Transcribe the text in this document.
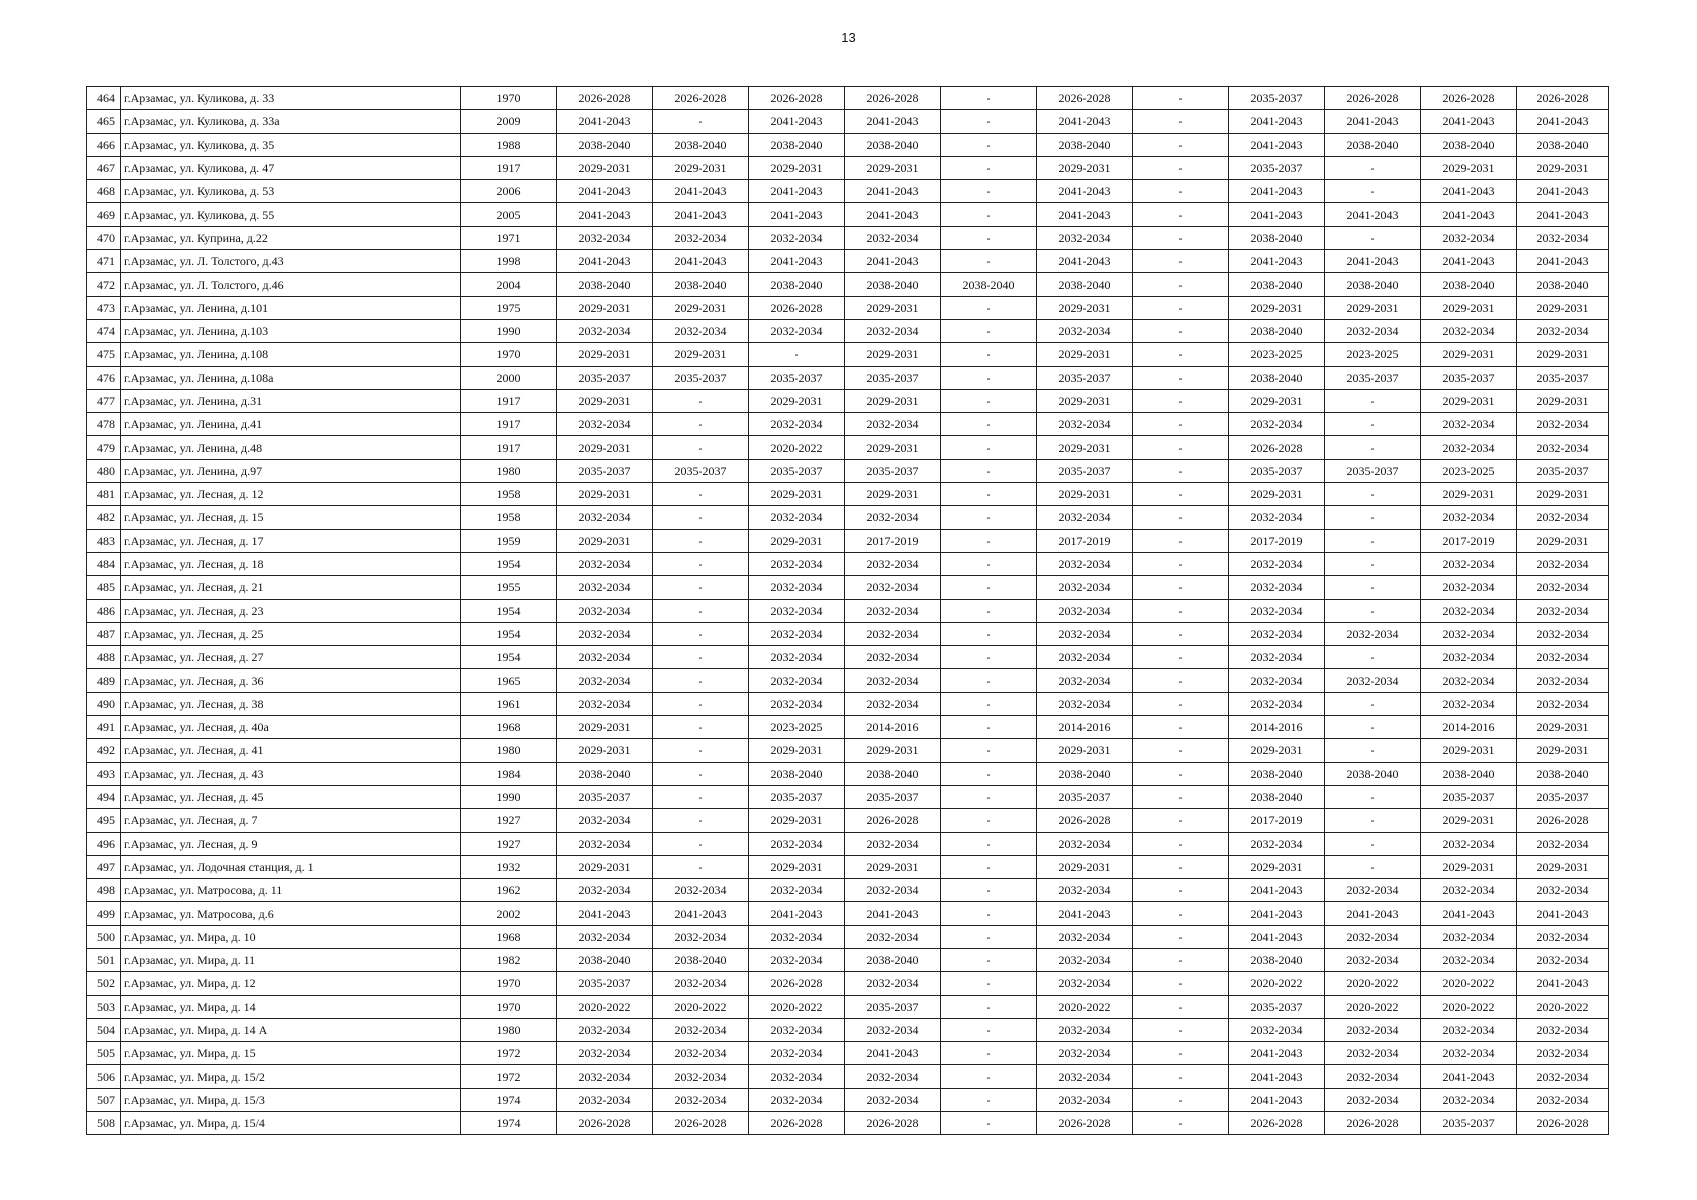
13
464	г.Арзамас, ул. Куликова, д. 33	1970	2026-2028	2026-2028	2026-2028	2026-2028	-	2026-2028	-	2035-2037	2026-2028	2026-2028	2026-2028
465	г.Арзамас, ул. Куликова, д. 33а	2009	2041-2043	-	2041-2043	2041-2043	-	2041-2043	-	2041-2043	2041-2043	2041-2043	2041-2043
466	г.Арзамас, ул. Куликова, д. 35	1988	2038-2040	2038-2040	2038-2040	2038-2040	-	2038-2040	-	2041-2043	2038-2040	2038-2040	2038-2040
467	г.Арзамас, ул. Куликова, д. 47	1917	2029-2031	2029-2031	2029-2031	2029-2031	-	2029-2031	-	2035-2037	-	2029-2031	2029-2031
468	г.Арзамас, ул. Куликова, д. 53	2006	2041-2043	2041-2043	2041-2043	2041-2043	-	2041-2043	-	2041-2043	-	2041-2043	2041-2043
469	г.Арзамас, ул. Куликова, д. 55	2005	2041-2043	2041-2043	2041-2043	2041-2043	-	2041-2043	-	2041-2043	2041-2043	2041-2043	2041-2043
470	г.Арзамас, ул. Куприна, д.22	1971	2032-2034	2032-2034	2032-2034	2032-2034	-	2032-2034	-	2038-2040	-	2032-2034	2032-2034
471	г.Арзамас, ул. Л. Толстого, д.43	1998	2041-2043	2041-2043	2041-2043	2041-2043	-	2041-2043	-	2041-2043	2041-2043	2041-2043	2041-2043
472	г.Арзамас, ул. Л. Толстого, д.46	2004	2038-2040	2038-2040	2038-2040	2038-2040	2038-2040	2038-2040	-	2038-2040	2038-2040	2038-2040	2038-2040
473	г.Арзамас, ул. Ленина, д.101	1975	2029-2031	2029-2031	2026-2028	2029-2031	-	2029-2031	-	2029-2031	2029-2031	2029-2031	2029-2031
474	г.Арзамас, ул. Ленина, д.103	1990	2032-2034	2032-2034	2032-2034	2032-2034	-	2032-2034	-	2038-2040	2032-2034	2032-2034	2032-2034
475	г.Арзамас, ул. Ленина, д.108	1970	2029-2031	2029-2031	-	2029-2031	-	2029-2031	-	2023-2025	2023-2025	2029-2031	2029-2031
476	г.Арзамас, ул. Ленина, д.108а	2000	2035-2037	2035-2037	2035-2037	2035-2037	-	2035-2037	-	2038-2040	2035-2037	2035-2037	2035-2037
477	г.Арзамас, ул. Ленина, д.31	1917	2029-2031	-	2029-2031	2029-2031	-	2029-2031	-	2029-2031	-	2029-2031	2029-2031
478	г.Арзамас, ул. Ленина, д.41	1917	2032-2034	-	2032-2034	2032-2034	-	2032-2034	-	2032-2034	-	2032-2034	2032-2034
479	г.Арзамас, ул. Ленина, д.48	1917	2029-2031	-	2020-2022	2029-2031	-	2029-2031	-	2026-2028	-	2032-2034	2032-2034
480	г.Арзамас, ул. Ленина, д.97	1980	2035-2037	2035-2037	2035-2037	2035-2037	-	2035-2037	-	2035-2037	2035-2037	2023-2025	2035-2037
481	г.Арзамас, ул. Лесная, д. 12	1958	2029-2031	-	2029-2031	2029-2031	-	2029-2031	-	2029-2031	-	2029-2031	2029-2031
482	г.Арзамас, ул. Лесная, д. 15	1958	2032-2034	-	2032-2034	2032-2034	-	2032-2034	-	2032-2034	-	2032-2034	2032-2034
483	г.Арзамас, ул. Лесная, д. 17	1959	2029-2031	-	2029-2031	2017-2019	-	2017-2019	-	2017-2019	-	2017-2019	2029-2031
484	г.Арзамас, ул. Лесная, д. 18	1954	2032-2034	-	2032-2034	2032-2034	-	2032-2034	-	2032-2034	-	2032-2034	2032-2034
485	г.Арзамас, ул. Лесная, д. 21	1955	2032-2034	-	2032-2034	2032-2034	-	2032-2034	-	2032-2034	-	2032-2034	2032-2034
486	г.Арзамас, ул. Лесная, д. 23	1954	2032-2034	-	2032-2034	2032-2034	-	2032-2034	-	2032-2034	-	2032-2034	2032-2034
487	г.Арзамас, ул. Лесная, д. 25	1954	2032-2034	-	2032-2034	2032-2034	-	2032-2034	-	2032-2034	2032-2034	2032-2034	2032-2034
488	г.Арзамас, ул. Лесная, д. 27	1954	2032-2034	-	2032-2034	2032-2034	-	2032-2034	-	2032-2034	-	2032-2034	2032-2034
489	г.Арзамас, ул. Лесная, д. 36	1965	2032-2034	-	2032-2034	2032-2034	-	2032-2034	-	2032-2034	2032-2034	2032-2034	2032-2034
490	г.Арзамас, ул. Лесная, д. 38	1961	2032-2034	-	2032-2034	2032-2034	-	2032-2034	-	2032-2034	-	2032-2034	2032-2034
491	г.Арзамас, ул. Лесная, д. 40а	1968	2029-2031	-	2023-2025	2014-2016	-	2014-2016	-	2014-2016	-	2014-2016	2029-2031
492	г.Арзамас, ул. Лесная, д. 41	1980	2029-2031	-	2029-2031	2029-2031	-	2029-2031	-	2029-2031	-	2029-2031	2029-2031
493	г.Арзамас, ул. Лесная, д. 43	1984	2038-2040	-	2038-2040	2038-2040	-	2038-2040	-	2038-2040	2038-2040	2038-2040	2038-2040
494	г.Арзамас, ул. Лесная, д. 45	1990	2035-2037	-	2035-2037	2035-2037	-	2035-2037	-	2038-2040	-	2035-2037	2035-2037
495	г.Арзамас, ул. Лесная, д. 7	1927	2032-2034	-	2029-2031	2026-2028	-	2026-2028	-	2017-2019	-	2029-2031	2026-2028
496	г.Арзамас, ул. Лесная, д. 9	1927	2032-2034	-	2032-2034	2032-2034	-	2032-2034	-	2032-2034	-	2032-2034	2032-2034
497	г.Арзамас, ул. Лодочная станция, д. 1	1932	2029-2031	-	2029-2031	2029-2031	-	2029-2031	-	2029-2031	-	2029-2031	2029-2031
498	г.Арзамас, ул. Матросова, д. 11	1962	2032-2034	2032-2034	2032-2034	2032-2034	-	2032-2034	-	2041-2043	2032-2034	2032-2034	2032-2034
499	г.Арзамас, ул. Матросова, д.6	2002	2041-2043	2041-2043	2041-2043	2041-2043	-	2041-2043	-	2041-2043	2041-2043	2041-2043	2041-2043
500	г.Арзамас, ул. Мира, д. 10	1968	2032-2034	2032-2034	2032-2034	2032-2034	-	2032-2034	-	2041-2043	2032-2034	2032-2034	2032-2034
501	г.Арзамас, ул. Мира, д. 11	1982	2038-2040	2038-2040	2032-2034	2038-2040	-	2032-2034	-	2038-2040	2032-2034	2032-2034	2032-2034
502	г.Арзамас, ул. Мира, д. 12	1970	2035-2037	2032-2034	2026-2028	2032-2034	-	2032-2034	-	2020-2022	2020-2022	2020-2022	2041-2043
503	г.Арзамас, ул. Мира, д. 14	1970	2020-2022	2020-2022	2020-2022	2035-2037	-	2020-2022	-	2035-2037	2020-2022	2020-2022	2020-2022
504	г.Арзамас, ул. Мира, д. 14 А	1980	2032-2034	2032-2034	2032-2034	2032-2034	-	2032-2034	-	2032-2034	2032-2034	2032-2034	2032-2034
505	г.Арзамас, ул. Мира, д. 15	1972	2032-2034	2032-2034	2032-2034	2041-2043	-	2032-2034	-	2041-2043	2032-2034	2032-2034	2032-2034
506	г.Арзамас, ул. Мира, д. 15/2	1972	2032-2034	2032-2034	2032-2034	2032-2034	-	2032-2034	-	2041-2043	2032-2034	2041-2043	2032-2034
507	г.Арзамас, ул. Мира, д. 15/3	1974	2032-2034	2032-2034	2032-2034	2032-2034	-	2032-2034	-	2041-2043	2032-2034	2032-2034	2032-2034
508	г.Арзамас, ул. Мира, д. 15/4	1974	2026-2028	2026-2028	2026-2028	2026-2028	-	2026-2028	-	2026-2028	2026-2028	2035-2037	2026-2028
